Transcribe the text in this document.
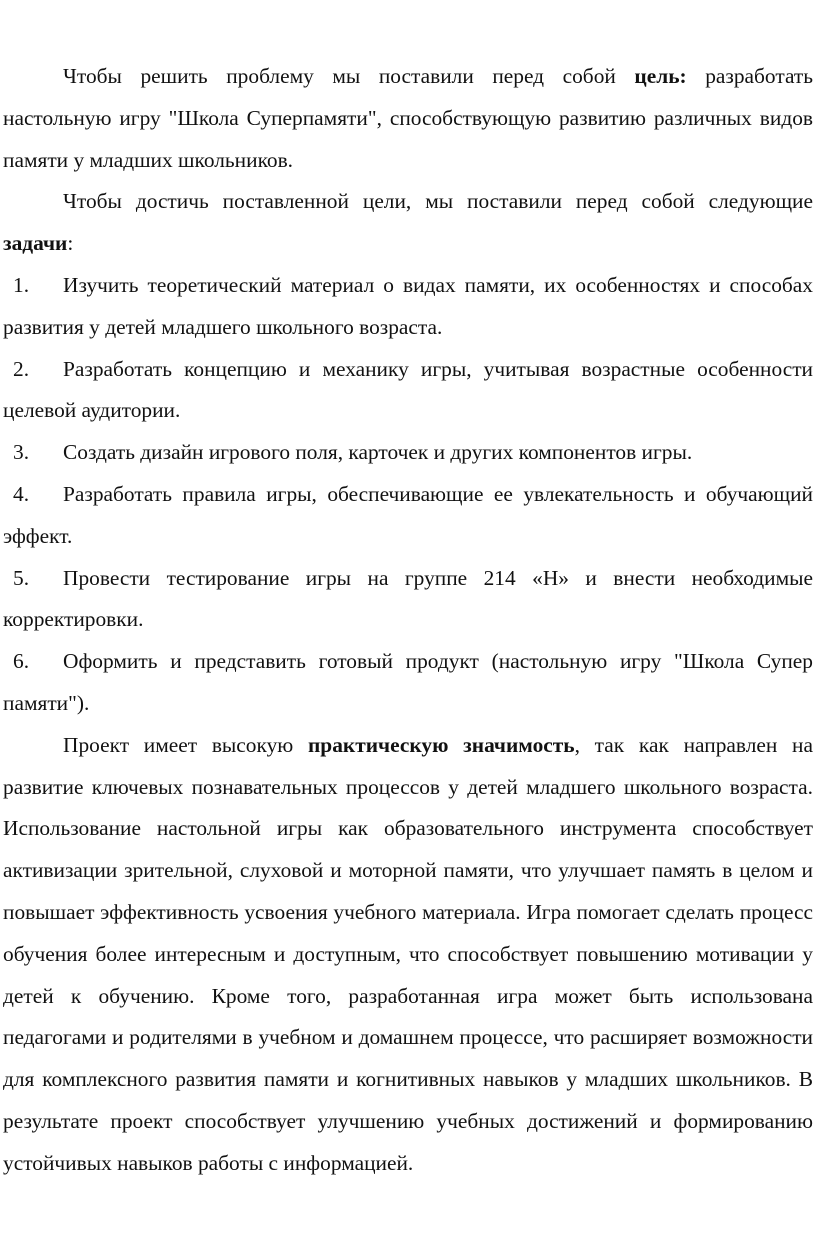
Чтобы решить проблему мы поставили перед собой цель: разработать настольную игру "Школа Суперпамяти", способствующую развитию различных видов памяти у младших школьников.

Чтобы достичь поставленной цели, мы поставили перед собой следующие задачи:

1. Изучить теоретический материал о видах памяти, их особенностях и способах развития у детей младшего школьного возраста.

2. Разработать концепцию и механику игры, учитывая возрастные особенности целевой аудитории.

3. Создать дизайн игрового поля, карточек и других компонентов игры.

4. Разработать правила игры, обеспечивающие ее увлекательность и обучающий эффект.

5. Провести тестирование игры на группе 214 «Н» и внести необходимые корректировки.

6. Оформить и представить готовый продукт (настольную игру "Школа Супер памяти").

Проект имеет высокую практическую значимость, так как направлен на развитие ключевых познавательных процессов у детей младшего школьного возраста. Использование настольной игры как образовательного инструмента способствует активизации зрительной, слуховой и моторной памяти, что улучшает память в целом и повышает эффективность усвоения учебного материала. Игра помогает сделать процесс обучения более интересным и доступным, что способствует повышению мотивации у детей к обучению. Кроме того, разработанная игра может быть использована педагогами и родителями в учебном и домашнем процессе, что расширяет возможности для комплексного развития памяти и когнитивных навыков у младших школьников. В результате проект способствует улучшению учебных достижений и формированию устойчивых навыков работы с информацией.
